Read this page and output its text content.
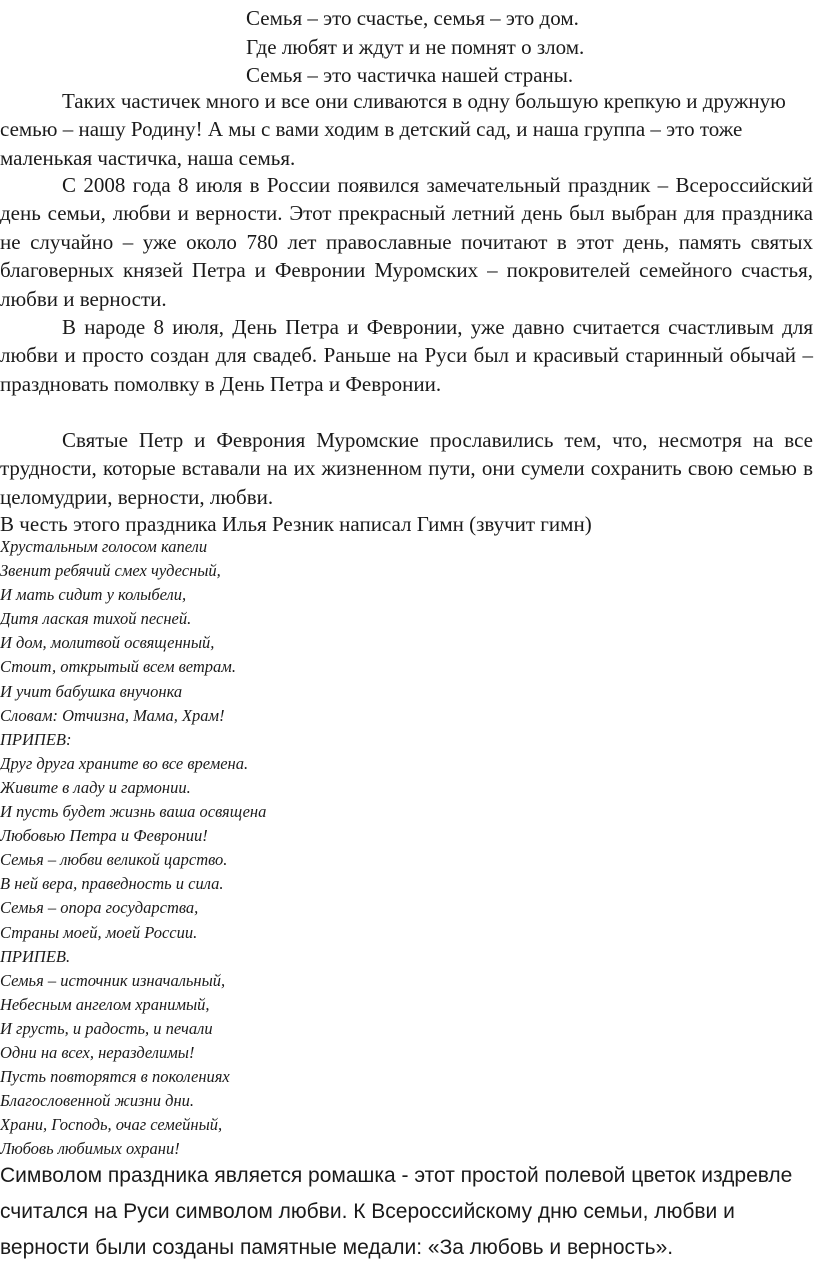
Семья – это счастье, семья – это дом.
Где любят и ждут и не помнят о злом.
Семья – это частичка нашей страны.
Таких частичек много и все они сливаются в одну большую крепкую и дружную семью – нашу Родину! А мы с вами ходим в детский сад, и наша группа – это тоже маленькая частичка, наша семья.
С 2008 года 8 июля в России появился замечательный праздник – Всероссийский день семьи, любви и верности. Этот прекрасный летний день был выбран для праздника не случайно – уже около 780 лет православные почитают в этот день, память святых благоверных князей Петра и Февронии Муромских – покровителей семейного счастья, любви и верности.
В народе 8 июля, День Петра и Февронии, уже давно считается счастливым для любви и просто создан для свадеб. Раньше на Руси был и красивый старинный обычай – праздновать помолвку в День Петра и Февронии.
Святые Петр и Феврония Муромские прославились тем, что, несмотря на все трудности, которые вставали на их жизненном пути, они сумели сохранить свою семью в целомудрии, верности, любви.
В честь этого праздника Илья Резник написал Гимн (звучит гимн)
Хрустальным голосом капели
Звенит ребячий смех чудесный,
И мать сидит у колыбели,
Дитя лаская тихой песней.
И дом, молитвой освященный,
Стоит, открытый всем ветрам.
И учит бабушка внучонка
Словам: Отчизна, Мама, Храм!
ПРИПЕВ:
Друг друга храните во все времена.
Живите в ладу и гармонии.
И пусть будет жизнь ваша освящена
Любовью Петра и Февронии!
Семья – любви великой царство.
В ней вера, праведность и сила.
Семья – опора государства,
Страны моей, моей России.
ПРИПЕВ.
Семья – источник изначальный,
Небесным ангелом хранимый,
И грусть, и радость, и печали
Одни на всех, неразделимы!
Пусть повторятся в поколениях
Благословенной жизни дни.
Храни, Господь, очаг семейный,
Любовь любимых охрани!
Символом праздника является ромашка - этот простой полевой цветок издревле считался на Руси символом любви. К Всероссийскому дню семьи, любви и верности были созданы памятные медали: «За любовь и верность».
